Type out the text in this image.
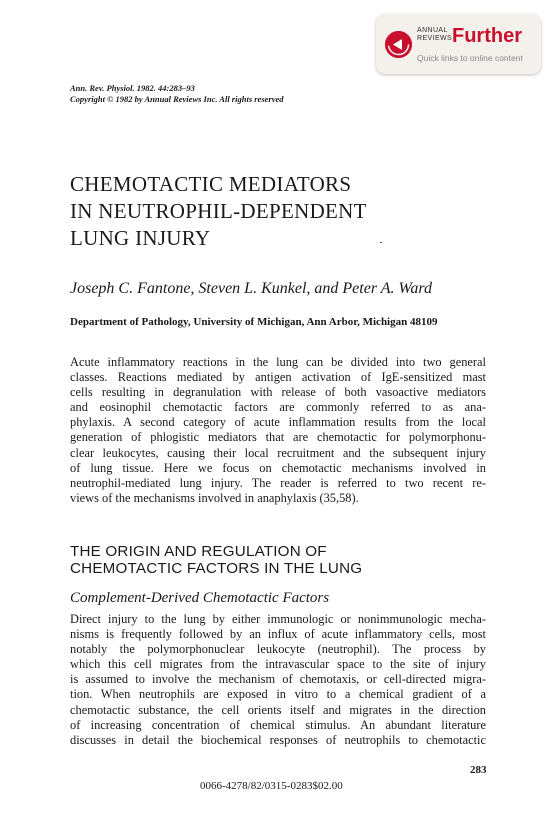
ANNUAL
REVIEWS Further
Quick links to online content
Ann. Rev. Physiol. 1982. 44:283–93
Copyright © 1982 by Annual Reviews Inc. All rights reserved
CHEMOTACTIC MEDIATORS
IN NEUTROPHIL-DEPENDENT
LUNG INJURY
Joseph C. Fantone, Steven L. Kunkel, and Peter A. Ward
Department of Pathology, University of Michigan, Ann Arbor, Michigan 48109
Acute inflammatory reactions in the lung can be divided into two general
classes. Reactions mediated by antigen activation of IgE-sensitized mast
cells resulting in degranulation with release of both vasoactive mediators
and eosinophil chemotactic factors are commonly referred to as ana-
phylaxis. A second category of acute inflammation results from the local
generation of phlogistic mediators that are chemotactic for polymorphonu-
clear leukocytes, causing their local recruitment and the subsequent injury
of lung tissue. Here we focus on chemotactic mechanisms involved in
neutrophil-mediated lung injury. The reader is referred to two recent re-
views of the mechanisms involved in anaphylaxis (35,58).
THE ORIGIN AND REGULATION OF
CHEMOTACTIC FACTORS IN THE LUNG
Complement-Derived Chemotactic Factors
Direct injury to the lung by either immunologic or nonimmunologic mecha-
nisms is frequently followed by an influx of acute inflammatory cells, most
notably the polymorphonuclear leukocyte (neutrophil). The process by
which this cell migrates from the intravascular space to the site of injury
is assumed to involve the mechanism of chemotaxis, or cell-directed migra-
tion. When neutrophils are exposed in vitro to a chemical gradient of a
chemotactic substance, the cell orients itself and migrates in the direction
of increasing concentration of chemical stimulus. An abundant literature
discusses in detail the biochemical responses of neutrophils to chemotactic
283
0066-4278/82/0315-0283$02.00
